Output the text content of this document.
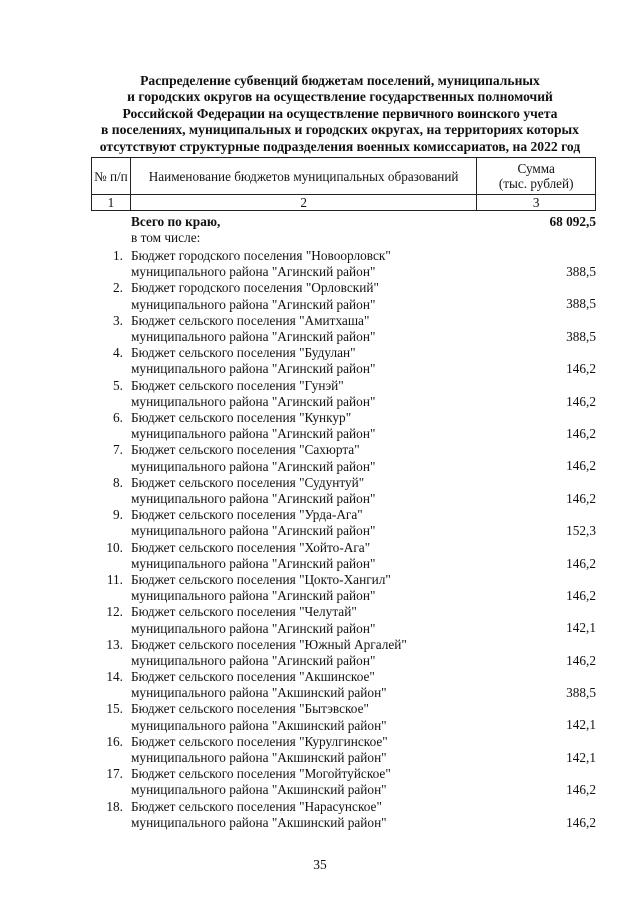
Распределение субвенций бюджетам поселений, муниципальных
и городских округов на осуществление государственных полномочий
Российской Федерации на осуществление первичного воинского учета
в поселениях, муниципальных и городских округах, на территориях которых
отсутствуют структурные подразделения военных комиссариатов, на 2022 год
№ п/п	Наименование бюджетов муниципальных образований	Сумма
(тыс. рублей)

1	2	3
Всего по краю,
в том числе:
68 092,5
1. Бюджет городского поселения "Новоорловск"
муниципального района "Агинский район"	388,5
2. Бюджет городского поселения "Орловский"
муниципального района "Агинский район"	388,5
3. Бюджет сельского поселения "Амитхаша"
муниципального района "Агинский район"	388,5
4. Бюджет сельского поселения "Будулан"
муниципального района "Агинский район"	146,2
5. Бюджет сельского поселения "Гунэй"
муниципального района "Агинский район"	146,2
6. Бюджет сельского поселения "Кункур"
муниципального района "Агинский район"	146,2
7. Бюджет сельского поселения "Сахюрта"
муниципального района "Агинский район"	146,2
8. Бюджет сельского поселения "Судунтуй"
муниципального района "Агинский район"	146,2
9. Бюджет сельского поселения "Урда-Ага"
муниципального района "Агинский район"	152,3
10. Бюджет сельского поселения "Хойто-Ага"
муниципального района "Агинский район"	146,2
11. Бюджет сельского поселения "Цокто-Хангил"
муниципального района "Агинский район"	146,2
12. Бюджет сельского поселения "Челутай"
муниципального района "Агинский район"	142,1
13. Бюджет сельского поселения "Южный Аргалей"
муниципального района "Агинский район"	146,2
14. Бюджет сельского поселения "Акшинское"
муниципального района "Акшинский район"	388,5
15. Бюджет сельского поселения "Бытэвское"
муниципального района "Акшинский район"	142,1
16. Бюджет сельского поселения "Курулгинское"
муниципального района "Акшинский район"	142,1
17. Бюджет сельского поселения "Могойтуйское"
муниципального района "Акшинский район"	146,2
18. Бюджет сельского поселения "Нарасунское"
муниципального района "Акшинский район"	146,2
35
